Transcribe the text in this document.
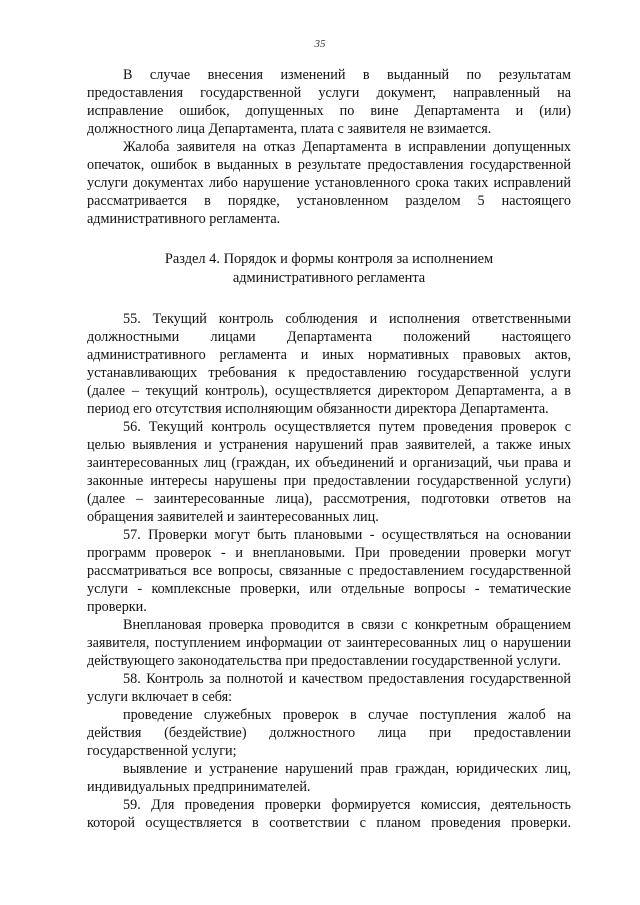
35

В случае внесения изменений в выданный по результатам предоставления государственной услуги документ, направленный на исправление ошибок, допущенных по вине Департамента и (или) должностного лица Департамента, плата с заявителя не взимается.

Жалоба заявителя на отказ Департамента в исправлении допущенных опечаток, ошибок в выданных в результате предоставления государственной услуги документах либо нарушение установленного срока таких исправлений рассматривается в порядке, установленном разделом 5 настоящего административного регламента.

Раздел 4. Порядок и формы контроля за исполнением
административного регламента

55. Текущий контроль соблюдения и исполнения ответственными должностными лицами Департамента положений настоящего административного регламента и иных нормативных правовых актов, устанавливающих требования к предоставлению государственной услуги (далее – текущий контроль), осуществляется директором Департамента, а в период его отсутствия исполняющим обязанности директора Департамента.

56. Текущий контроль осуществляется путем проведения проверок с целью выявления и устранения нарушений прав заявителей, а также иных заинтересованных лиц (граждан, их объединений и организаций, чьи права и законные интересы нарушены при предоставлении государственной услуги) (далее – заинтересованные лица), рассмотрения, подготовки ответов на обращения заявителей и заинтересованных лиц.

57. Проверки могут быть плановыми - осуществляться на основании программ проверок - и внеплановыми. При проведении проверки могут рассматриваться все вопросы, связанные с предоставлением государственной услуги - комплексные проверки, или отдельные вопросы - тематические проверки.

Внеплановая проверка проводится в связи с конкретным обращением заявителя, поступлением информации от заинтересованных лиц о нарушении действующего законодательства при предоставлении государственной услуги.

58. Контроль за полнотой и качеством предоставления государственной услуги включает в себя:

проведение служебных проверок в случае поступления жалоб на действия (бездействие) должностного лица при предоставлении государственной услуги;

выявление и устранение нарушений прав граждан, юридических лиц, индивидуальных предпринимателей.

59. Для проведения проверки формируется комиссия, деятельность которой осуществляется в соответствии с планом проведения проверки.
